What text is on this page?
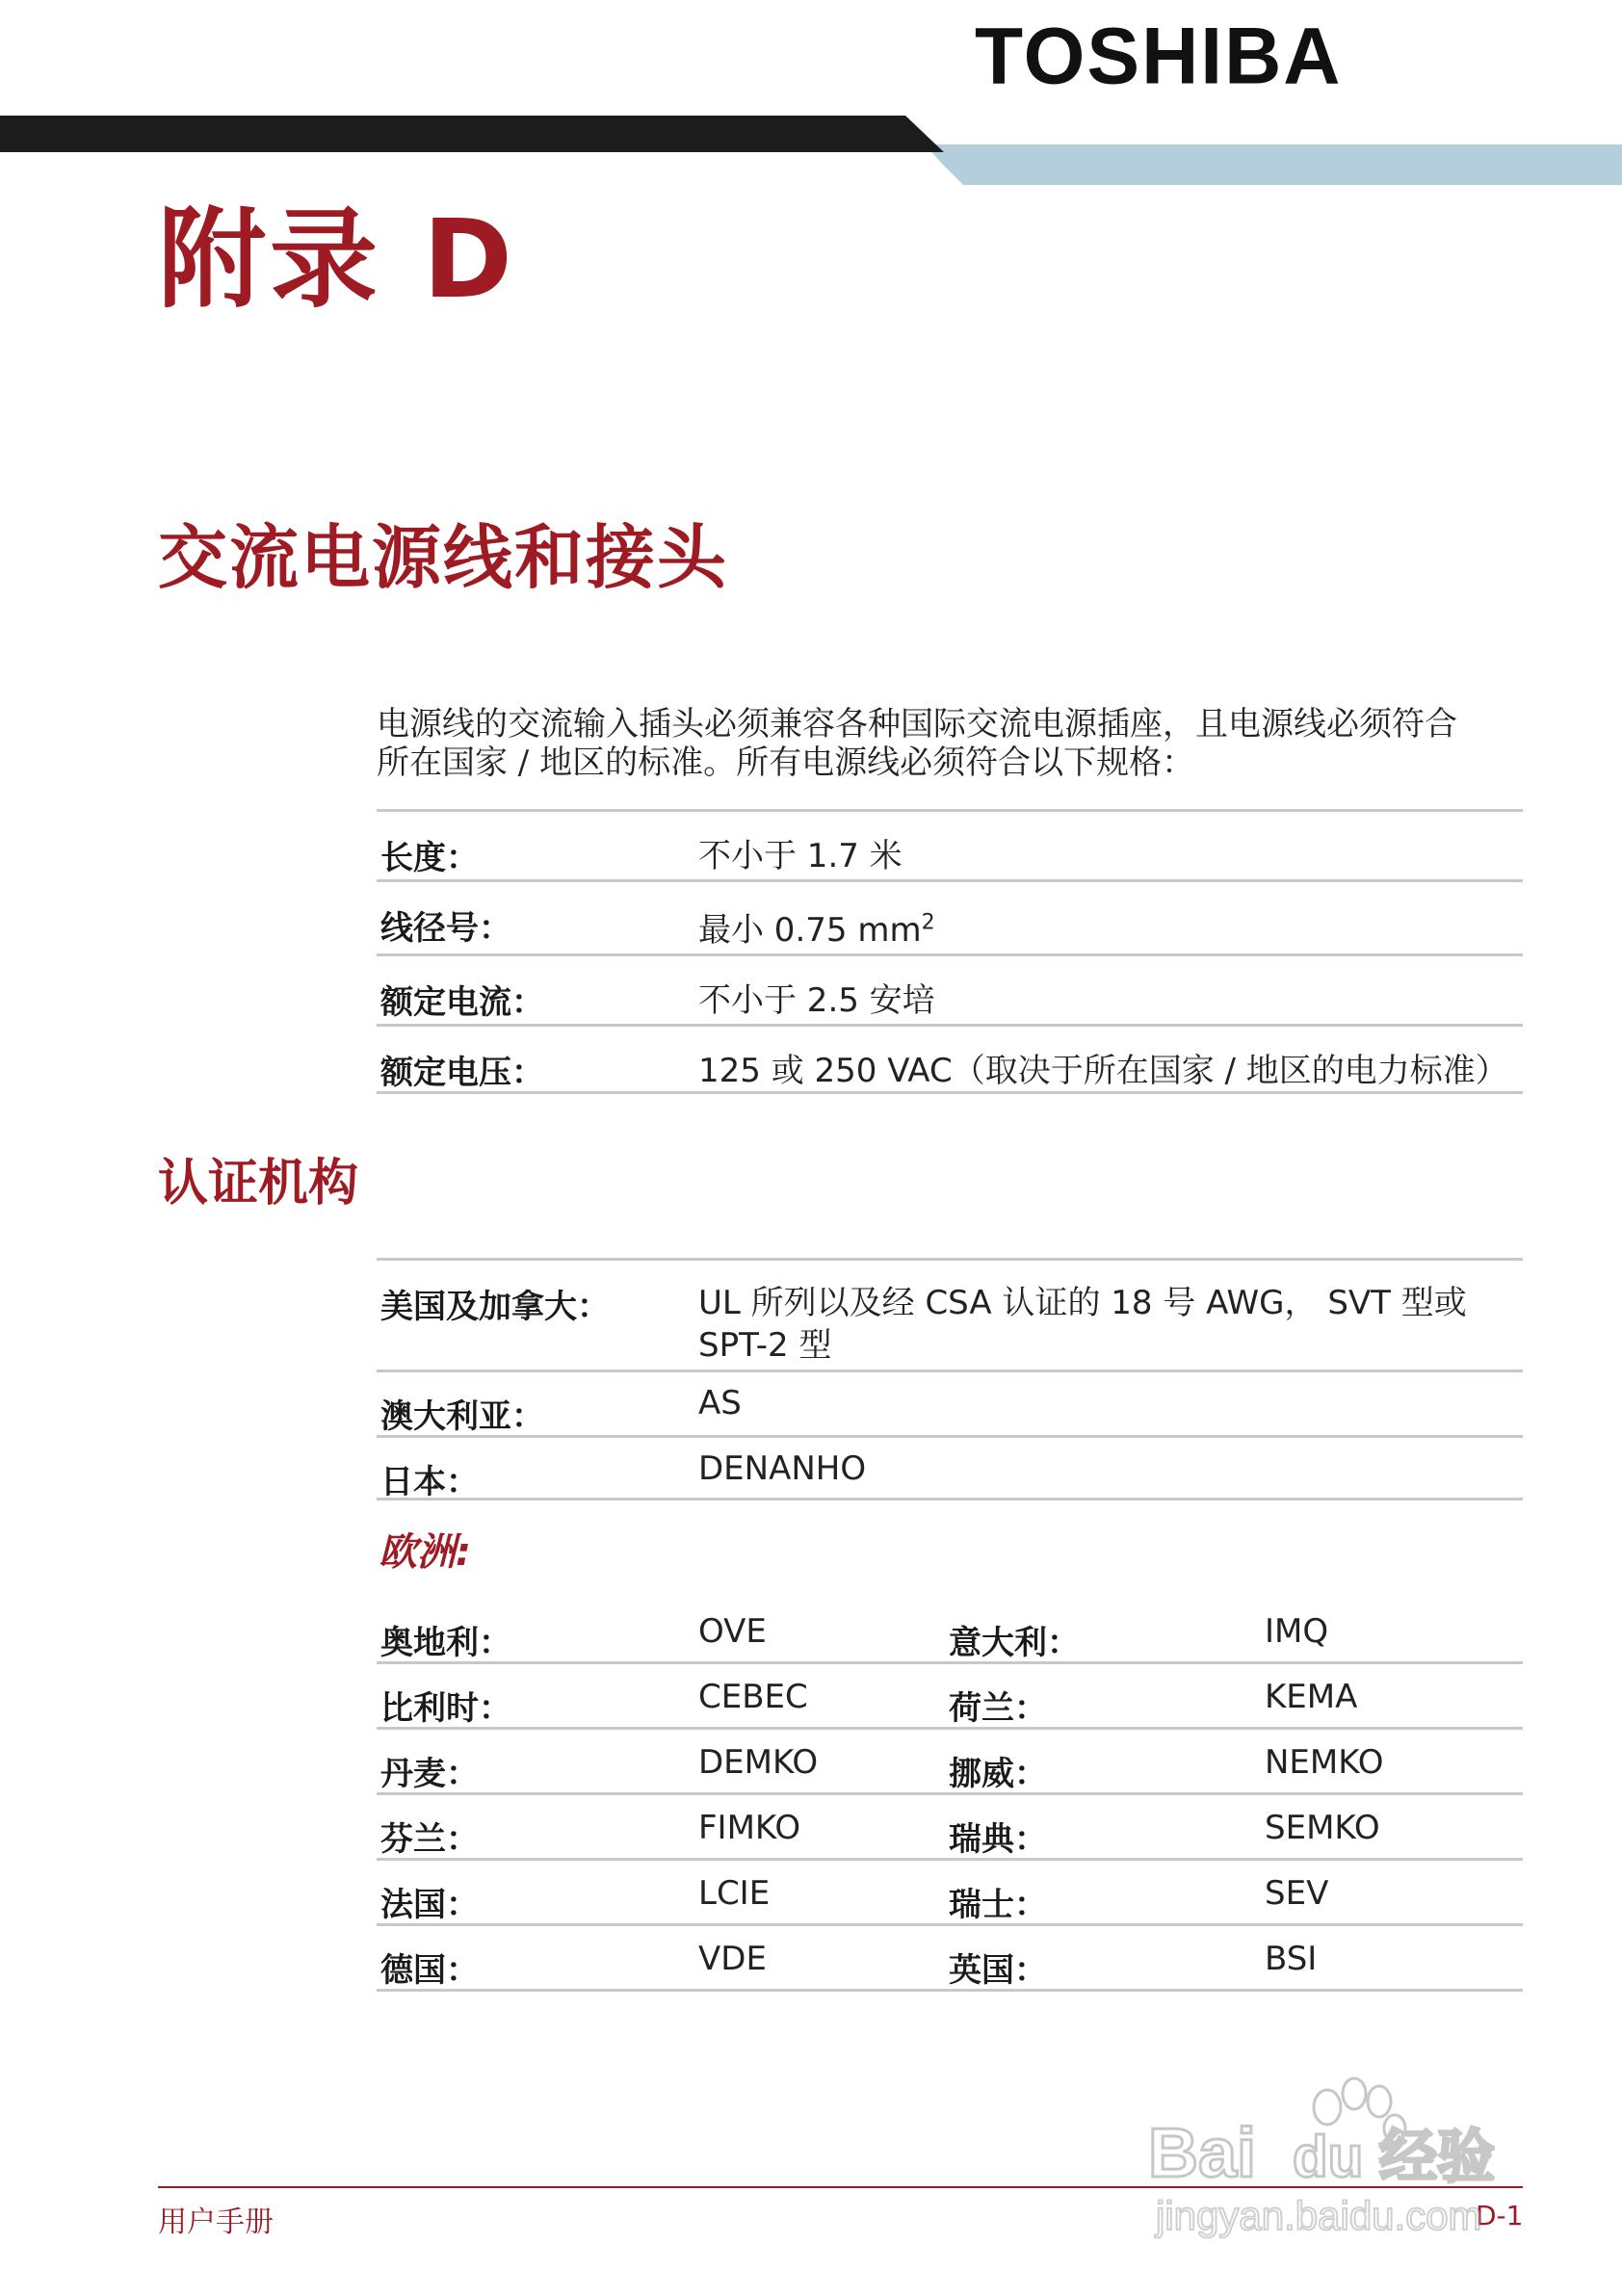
TOSHIBA
附录 D
交流电源线和接头
电源线的交流输入插头必须兼容各种国际交流电源插座，且电源线必须符合
所在国家 / 地区的标准。所有电源线必须符合以下规格：
长度：	不小于 1.7 米
线径号：	最小 0.75 $mm^2$
额定电流：	不小于 2.5 安培
额定电压：	125 或 250 VAC（取决于所在国家 / 地区的电力标准）
认证机构
美国及加拿大：	UL 所列以及经 CSA 认证的 18 号 AWG， SVT 型或
SPT-2 型
澳大利亚：	AS
日本：	DENANHO
欧洲:
奥地利：	OVE	意大利：	IMQ
比利时：	CEBEC	荷兰：	KEMA
丹麦：	DEMKO	挪威：	NEMKO
芬兰：	FIMKO	瑞典：	SEMKO
法国：	LCIE	瑞士：	SEV
德国：	VDE	英国：	BSI
用户手册	D-1
Bai du 经验
jingyan.baidu.com
